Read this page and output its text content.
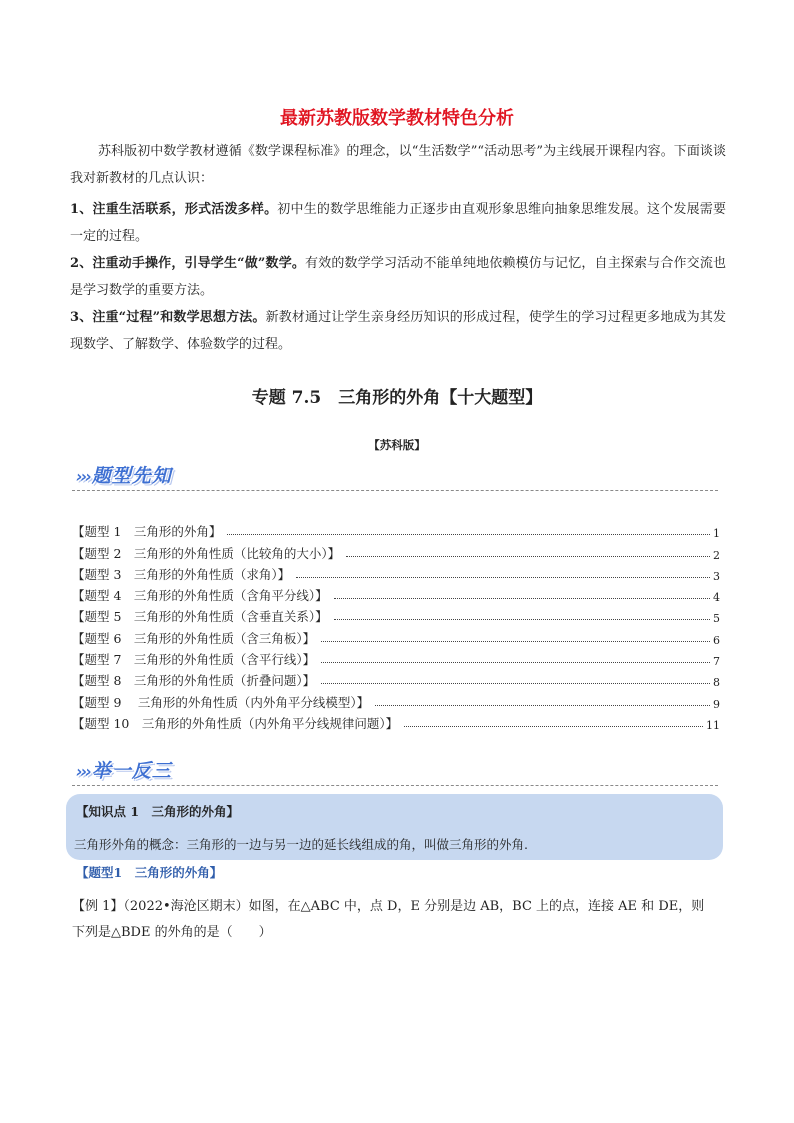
最新苏教版数学教材特色分析
苏科版初中数学教材遵循《数学课程标准》的理念，以“生活数学”“活动思考”为主线展开课程内容。下面谈谈我对新教材的几点认识：
1、注重生活联系，形式活泼多样。初中生的数学思维能力正逐步由直观形象思维向抽象思维发展。这个发展需要一定的过程。
2、注重动手操作，引导学生“做”数学。有效的数学学习活动不能单纯地依赖模仿与记忆，自主探索与合作交流也是学习数学的重要方法。
3、注重“过程”和数学思想方法。新教材通过让学生亲身经历知识的形成过程，使学生的学习过程更多地成为其发现数学、了解数学、体验数学的过程。
专题 7.5　三角形的外角【十大题型】
【苏科版】
››› 题型先知
【题型 1　三角形的外角】	1
【题型 2　三角形的外角性质（比较角的大小）】	2
【题型 3　三角形的外角性质（求角）】	3
【题型 4　三角形的外角性质（含角平分线）】	4
【题型 5　三角形的外角性质（含垂直关系）】	5
【题型 6　三角形的外角性质（含三角板）】	6
【题型 7　三角形的外角性质（含平行线）】	7
【题型 8　三角形的外角性质（折叠问题）】	8
【题型 9　 三角形的外角性质（内外角平分线模型）】	9
【题型 10　三角形的外角性质（内外角平分线规律问题）】	11
››› 举一反三
【知识点 1　三角形的外角】
三角形外角的概念：三角形的一边与另一边的延长线组成的角，叫做三角形的外角.
【题型1　三角形的外角】
【例 1】（2022•海沧区期末）如图，在△ABC 中，点 D，E 分别是边 AB，BC 上的点，连接 AE 和 DE，则
下列是△BDE 的外角的是（　　）
